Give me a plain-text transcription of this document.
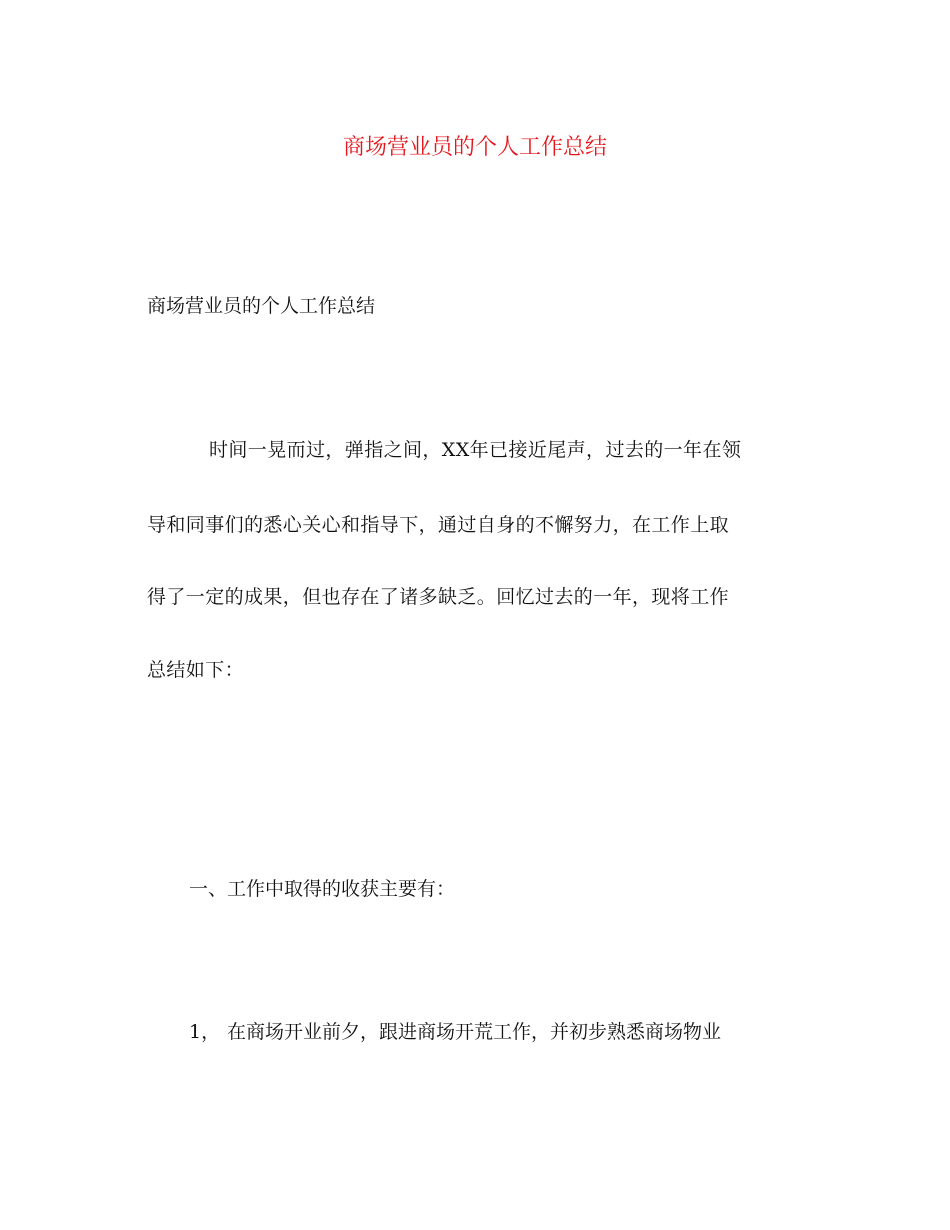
商场营业员的个人工作总结
商场营业员的个人工作总结
时间一晃而过，弹指之间，XX年已接近尾声，过去的一年在领
导和同事们的悉心关心和指导下，通过自身的不懈努力，在工作上取
得了一定的成果，但也存在了诸多缺乏。回忆过去的一年，现将工作
总结如下：
一、工作中取得的收获主要有：
1， 在商场开业前夕，跟进商场开荒工作，并初步熟悉商场物业
